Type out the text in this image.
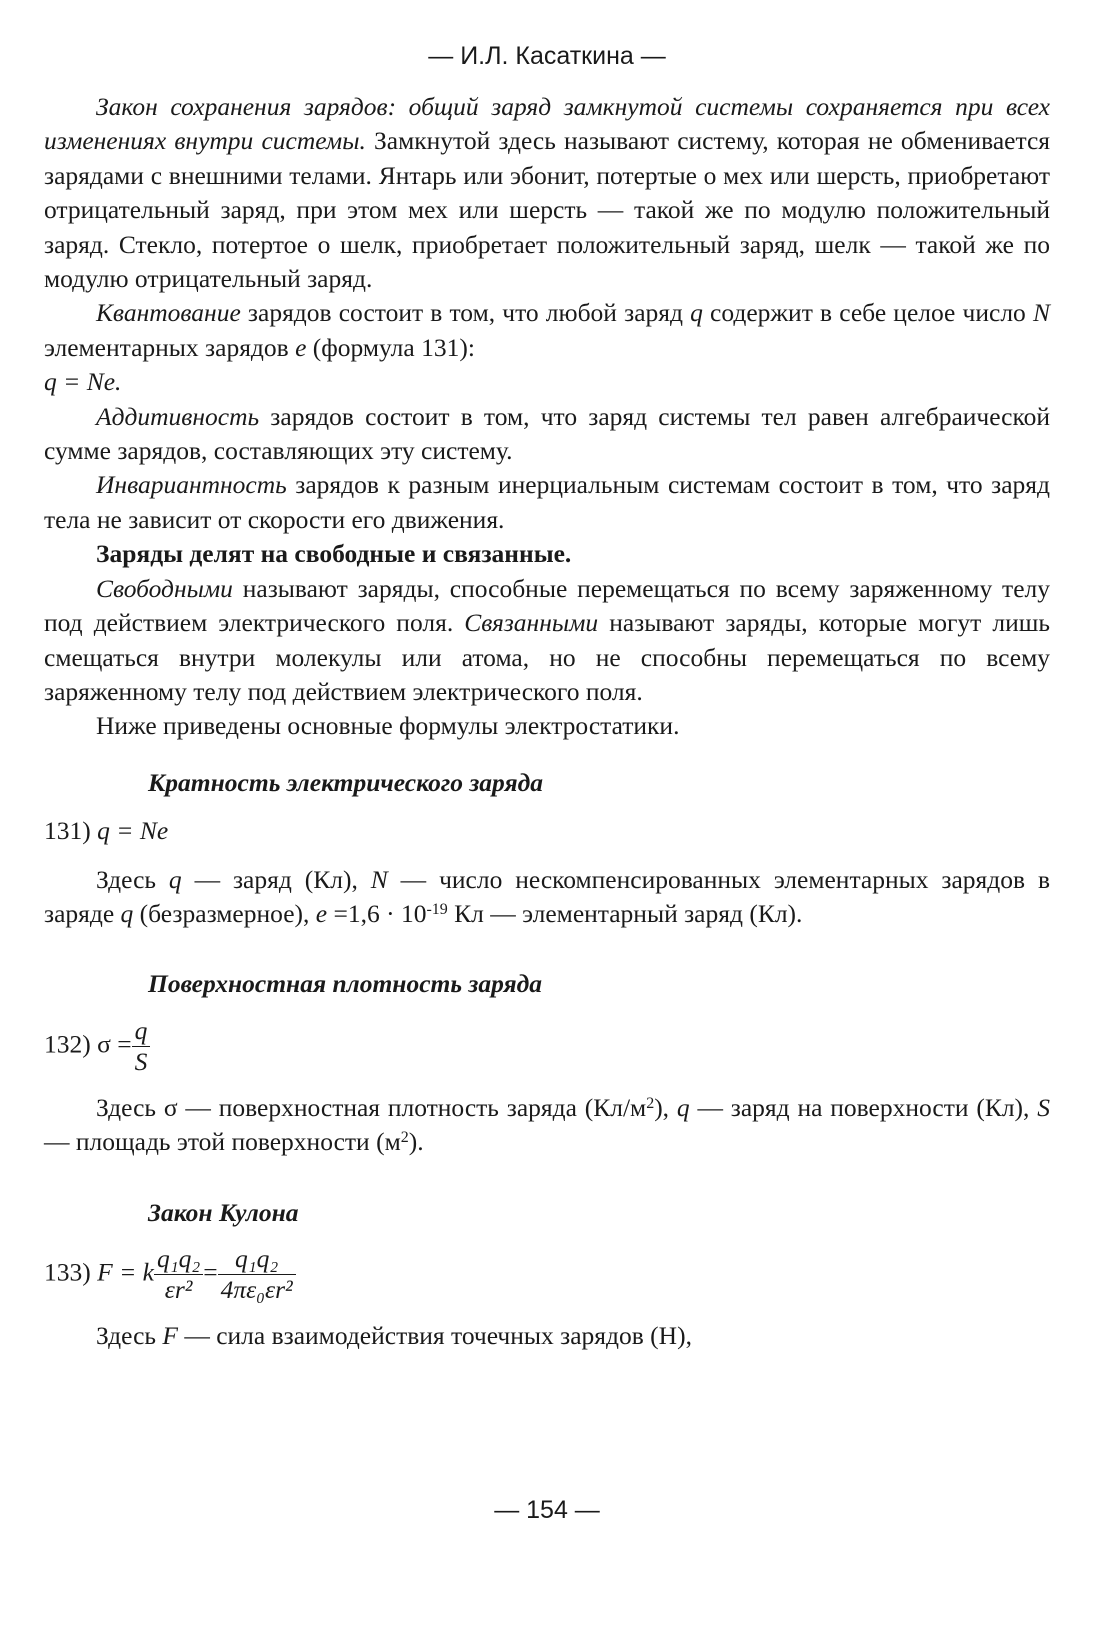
— И.Л. Касаткина —

Закон сохранения зарядов: общий заряд замкнутой системы сохраняется при всех изменениях внутри системы. Замкнутой здесь называют систему, которая не обменивается зарядами с внешними телами. Янтарь или эбонит, потертые о мех или шерсть, приобретают отрицательный заряд, при этом мех или шерсть — такой же по модулю положительный заряд. Стекло, потертое о шелк, приобретает положительный заряд, шелк — такой же по модулю отрицательный заряд.

Квантование зарядов состоит в том, что любой заряд q содержит в себе целое число N элементарных зарядов e (формула 131):

q = Ne.

Аддитивность зарядов состоит в том, что заряд системы тел равен алгебраической сумме зарядов, составляющих эту систему.

Инвариантность зарядов к разным инерциальным системам состоит в том, что заряд тела не зависит от скорости его движения.

Заряды делят на свободные и связанные.

Свободными называют заряды, способные перемещаться по всему заряженному телу под действием электрического поля. Связанными называют заряды, которые могут лишь смещаться внутри молекулы или атома, но не способны перемещаться по всему заряженному телу под действием электрического поля.

Ниже приведены основные формулы электростатики.

Кратность электрического заряда

131) q = Ne

Здесь q — заряд (Кл), N — число нескомпенсированных элементарных зарядов в заряде q (безразмерное), $e =1,6 \cdot 10^{-19}$ Кл — элементарный заряд (Кл).

Поверхностная плотность заряда

132) $\sigma = \frac{q}{S}$

Здесь σ — поверхностная плотность заряда $(Кл/м^2)$, q — заряд на поверхности (Кл), S — площадь этой поверхности $(м^2)$.

Закон Кулона

133) F = k $\frac{\text{q₁q₂}}{\text{εr²}} = \frac{\text{q₁q₂}}{\text{4πε₀εr²}}$

Здесь F — сила взаимодействия точечных зарядов (Н),

— 154 —
